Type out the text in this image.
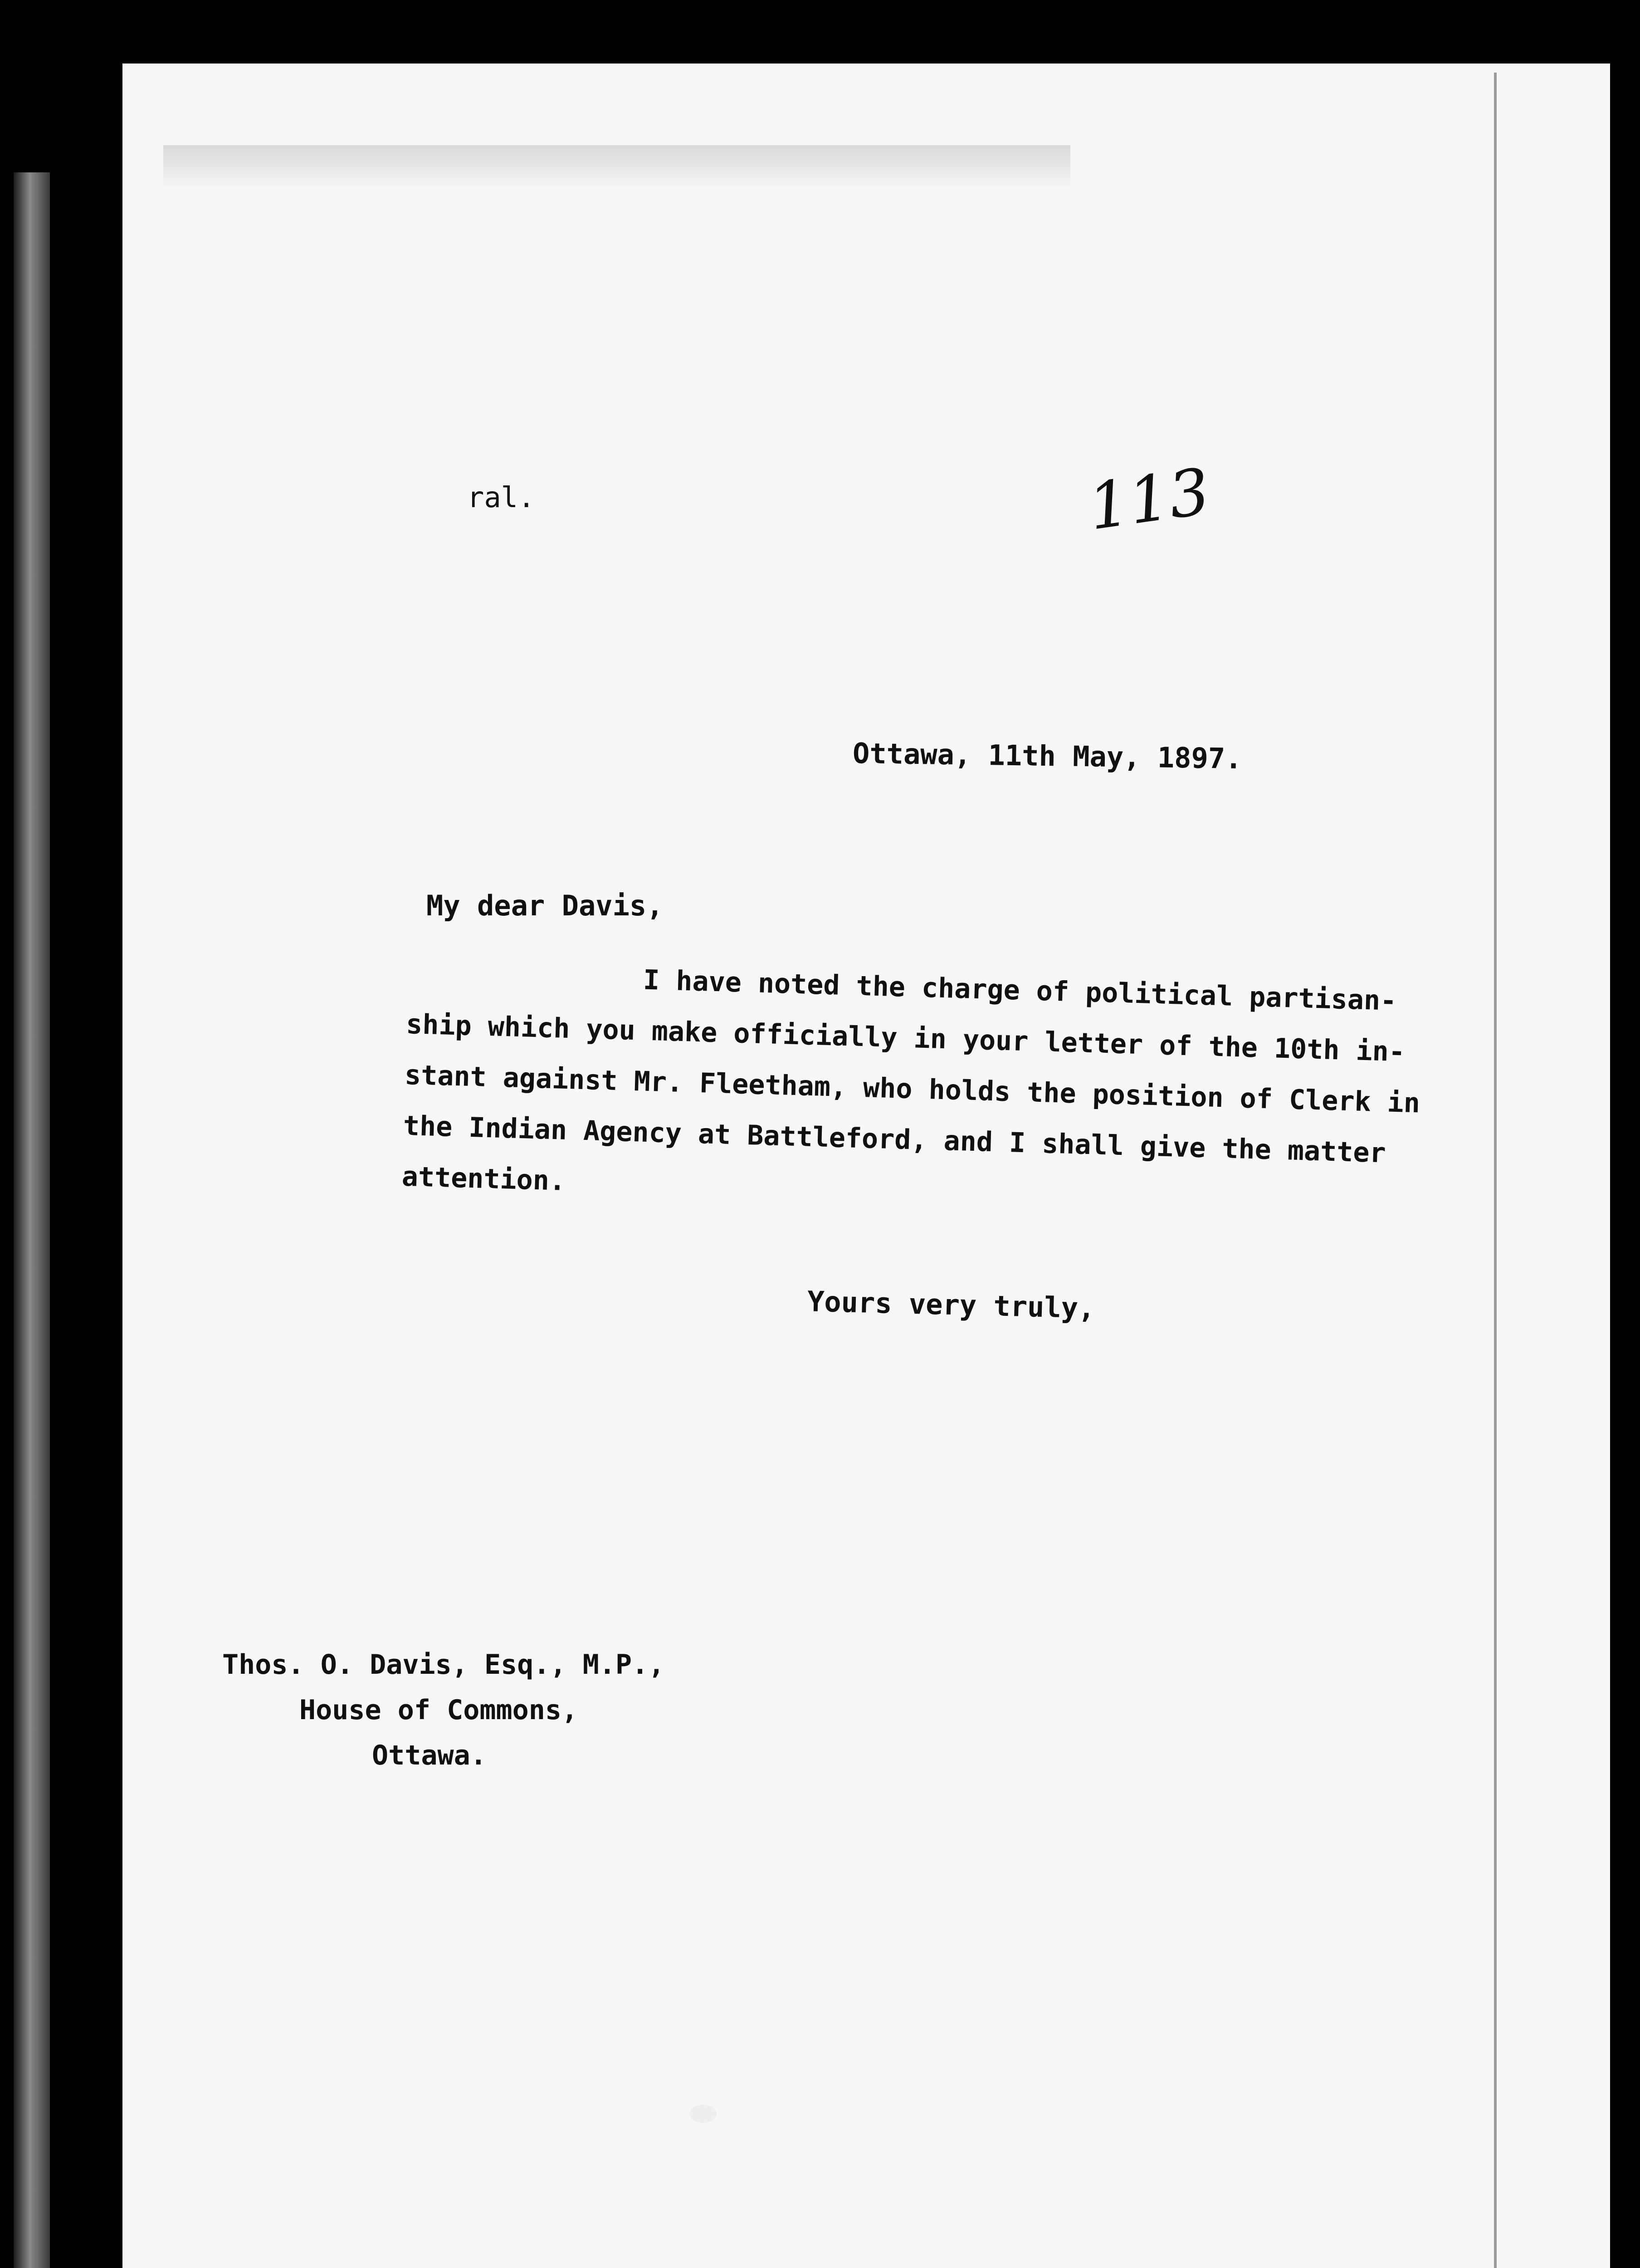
ral.	113

Ottawa, 11th May, 1897.

My dear Davis,

I have noted the charge of political partisan-
ship which you make officially in your letter of the 10th in-
stant against Mr. Fleetham, who holds the position of Clerk in
the Indian Agency at Battleford, and I shall give the matter
attention.

Yours very truly,

Thos. O. Davis, Esq., M.P.,
House of Commons,
Ottawa.
